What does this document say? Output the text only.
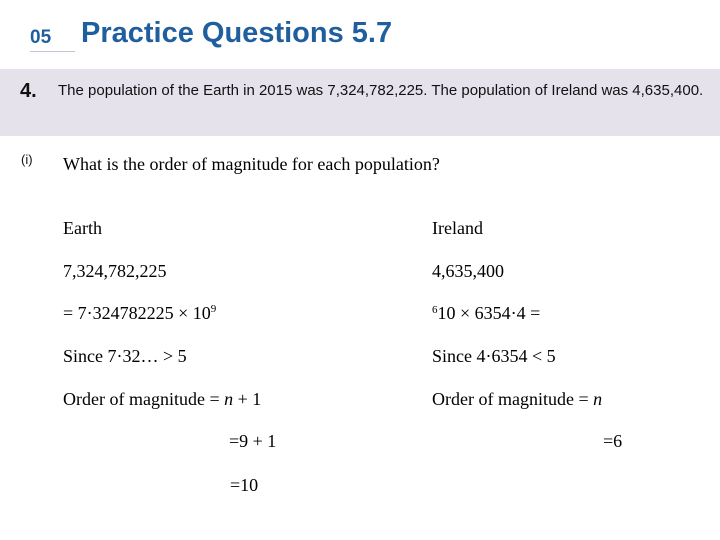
05 Practice Questions 5.7
4. The population of the Earth in 2015 was 7,324,782,225. The population of Ireland was 4,635,400.
(i) What is the order of magnitude for each population?
Earth
7,324,782,225
= $7\cdot 324782225 \times 10^9$
Since 7·32… > 5
Order of magnitude = n + 1
=9 + 1
=10
Ireland
4,635,400
$^6$10 × 6354·4 =
Since 4·6354 < 5
Order of magnitude = n
=6
